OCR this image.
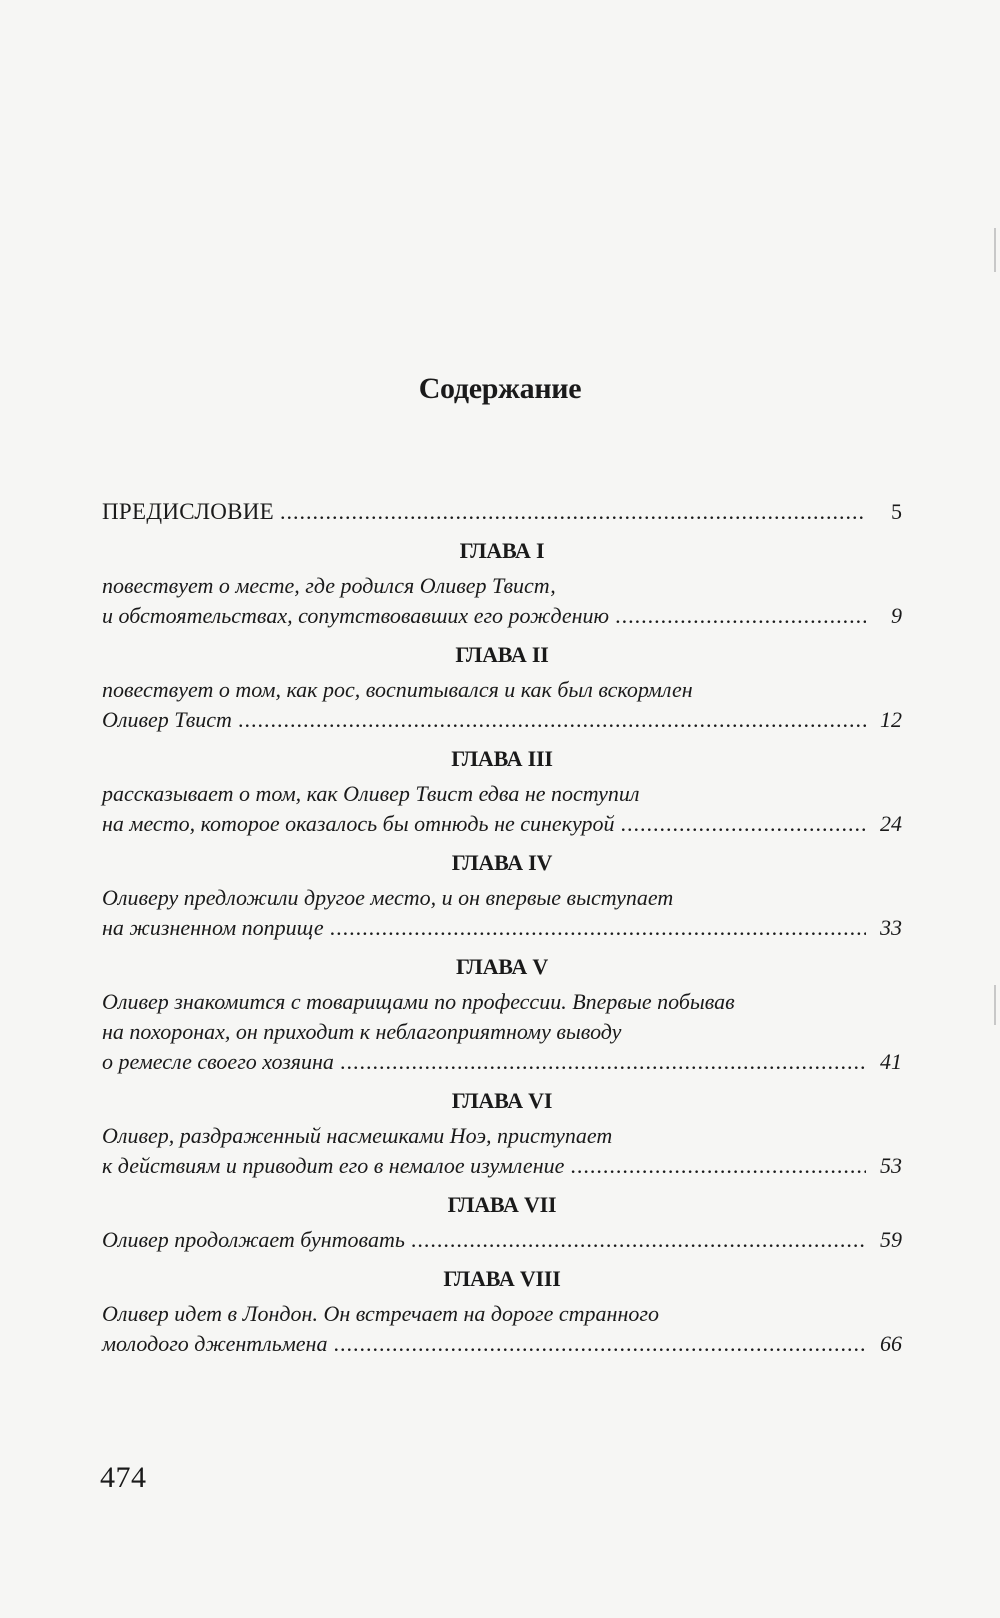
Содержание
ПРЕДИСЛОВИЕ .....	5
ГЛАВА I
повествует о месте, где родился Оливер Твист,
и обстоятельствах, сопутствовавших его рождению .....	9
ГЛАВА II
повествует о том, как рос, воспитывался и как был вскормлен
Оливер Твист .....	12
ГЛАВА III
рассказывает о том, как Оливер Твист едва не поступил
на место, которое оказалось бы отнюдь не синекурой .....	24
ГЛАВА IV
Оливеру предложили другое место, и он впервые выступает
на жизненном поприще .....	33
ГЛАВА V
Оливер знакомится с товарищами по профессии. Впервые побывав
на похоронах, он приходит к неблагоприятному выводу
о ремесле своего хозяина .....	41
ГЛАВА VI
Оливер, раздраженный насмешками Ноэ, приступает
к действиям и приводит его в немалое изумление .....	53
ГЛАВА VII
Оливер продолжает бунтовать .....	59
ГЛАВА VIII
Оливер идет в Лондон. Он встречает на дороге странного
молодого джентльмена .....	66
474
